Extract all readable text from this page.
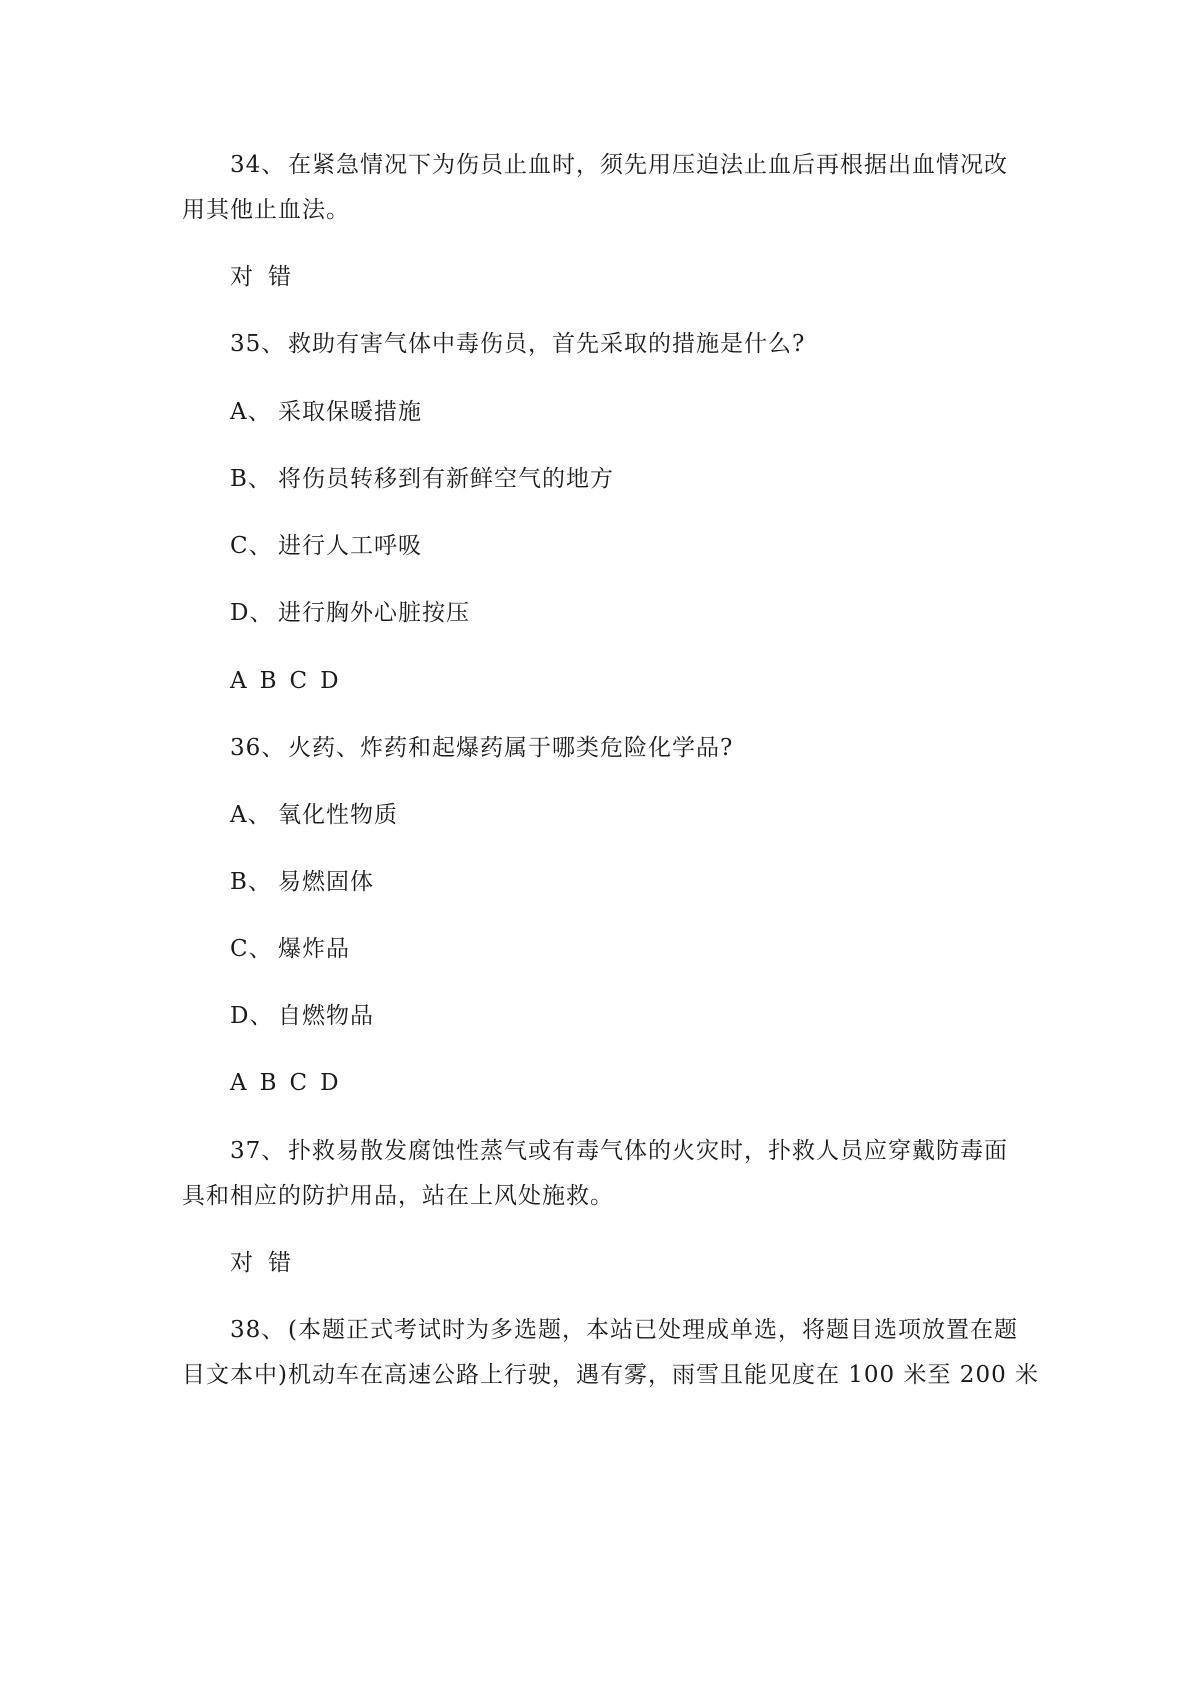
34、 在紧急情况下为伤员止血时，须先用压迫法止血后再根据出血情况改
用其他止血法。
对 错
35、 救助有害气体中毒伤员，首先采取的措施是什么?
A、 采取保暖措施
B、 将伤员转移到有新鲜空气的地方
C、 进行人工呼吸
D、 进行胸外心脏按压
A B C D
36、 火药、炸药和起爆药属于哪类危险化学品?
A、 氧化性物质
B、 易燃固体
C、 爆炸品
D、 自燃物品
A B C D
37、 扑救易散发腐蚀性蒸气或有毒气体的火灾时，扑救人员应穿戴防毒面
具和相应的防护用品，站在上风处施救。
对 错
38、 (本题正式考试时为多选题，本站已处理成单选，将题目选项放置在题
目文本中)机动车在高速公路上行驶，遇有雾，雨雪且能见度在 100 米至 200 米
